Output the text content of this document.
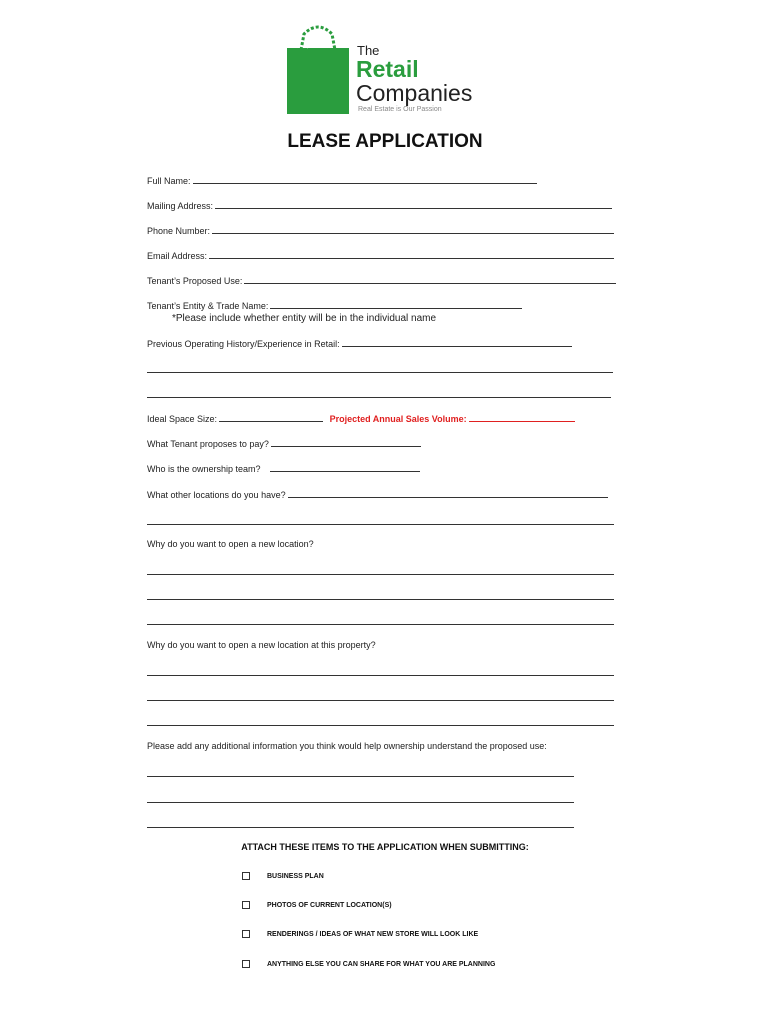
The
Retail
Companies
Real Estate is Our Passion
LEASE APPLICATION
Full Name:
Mailing Address:
Phone Number:
Email Address:
Tenant’s Proposed Use:
Tenant’s Entity & Trade Name:
*Please include whether entity will be in the individual name
Previous Operating History/Experience in Retail:
Ideal Space Size:	Projected Annual Sales Volume:
What Tenant proposes to pay?
Who is the ownership team?
What other locations do you have?
Why do you want to open a new location?
Why do you want to open a new location at this property?
Please add any additional information you think would help ownership understand the proposed use:
ATTACH THESE ITEMS TO THE APPLICATION WHEN SUBMITTING:
BUSINESS PLAN
PHOTOS OF CURRENT LOCATION(S)
RENDERINGS / IDEAS OF WHAT NEW STORE WILL LOOK LIKE
ANYTHING ELSE YOU CAN SHARE FOR WHAT YOU ARE PLANNING
